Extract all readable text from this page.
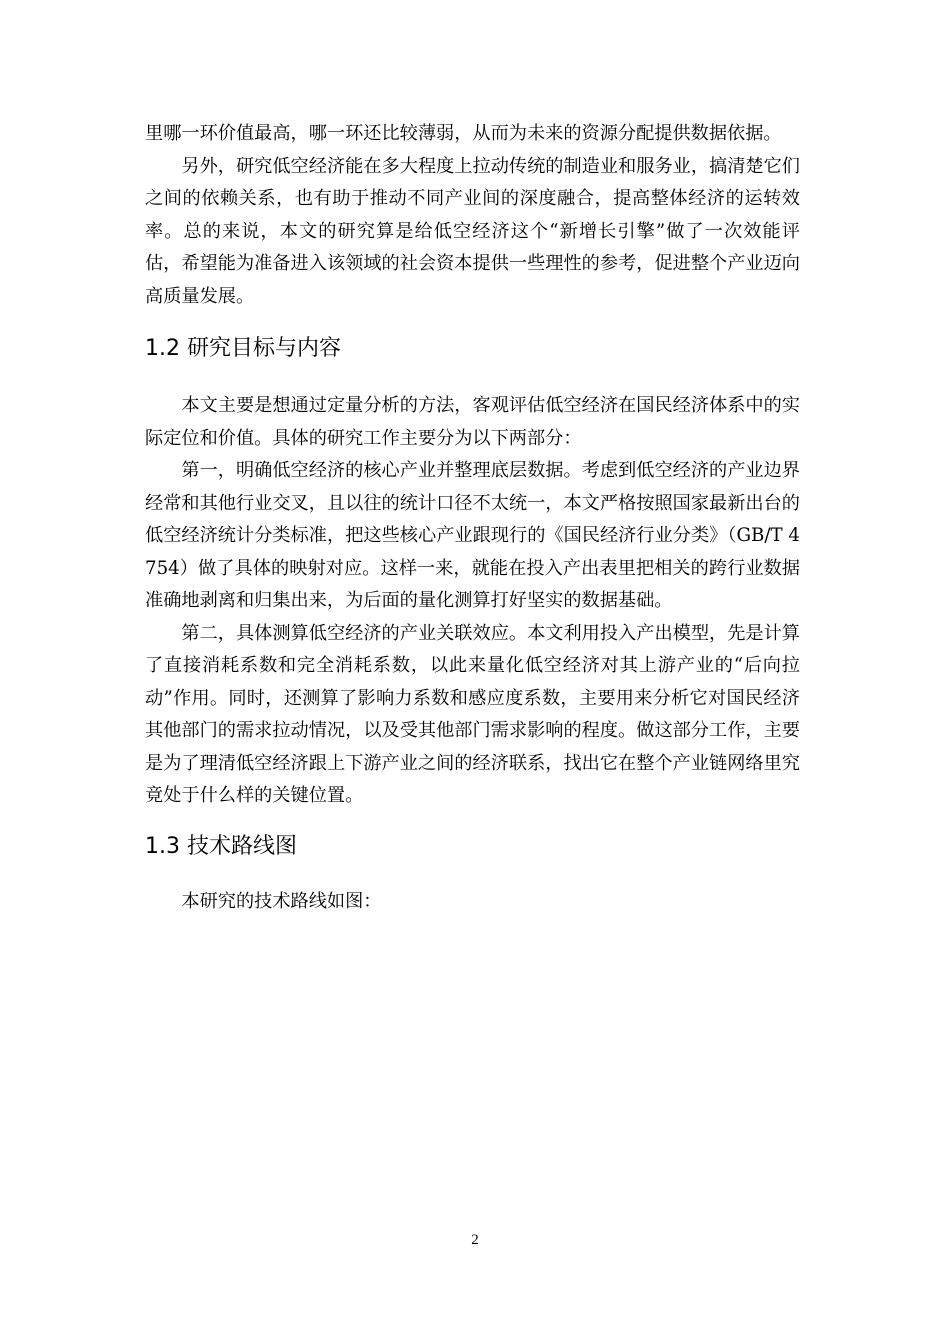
里哪一环价值最高，哪一环还比较薄弱，从而为未来的资源分配提供数据依据。

另外，研究低空经济能在多大程度上拉动传统的制造业和服务业，搞清楚它们之间的依赖关系，也有助于推动不同产业间的深度融合，提高整体经济的运转效率。总的来说，本文的研究算是给低空经济这个“新增长引擎”做了一次效能评估，希望能为准备进入该领域的社会资本提供一些理性的参考，促进整个产业迈向高质量发展。

1.2 研究目标与内容

本文主要是想通过定量分析的方法，客观评估低空经济在国民经济体系中的实际定位和价值。具体的研究工作主要分为以下两部分：

第一，明确低空经济的核心产业并整理底层数据。考虑到低空经济的产业边界经常和其他行业交叉，且以往的统计口径不太统一，本文严格按照国家最新出台的低空经济统计分类标准，把这些核心产业跟现行的《国民经济行业分类》（GB/T 4754）做了具体的映射对应。这样一来，就能在投入产出表里把相关的跨行业数据准确地剥离和归集出来，为后面的量化测算打好坚实的数据基础。

第二，具体测算低空经济的产业关联效应。本文利用投入产出模型，先是计算了直接消耗系数和完全消耗系数，以此来量化低空经济对其上游产业的“后向拉动”作用。同时，还测算了影响力系数和感应度系数，主要用来分析它对国民经济其他部门的需求拉动情况，以及受其他部门需求影响的程度。做这部分工作，主要是为了理清低空经济跟上下游产业之间的经济联系，找出它在整个产业链网络里究竟处于什么样的关键位置。

1.3 技术路线图

本研究的技术路线如图：

2
